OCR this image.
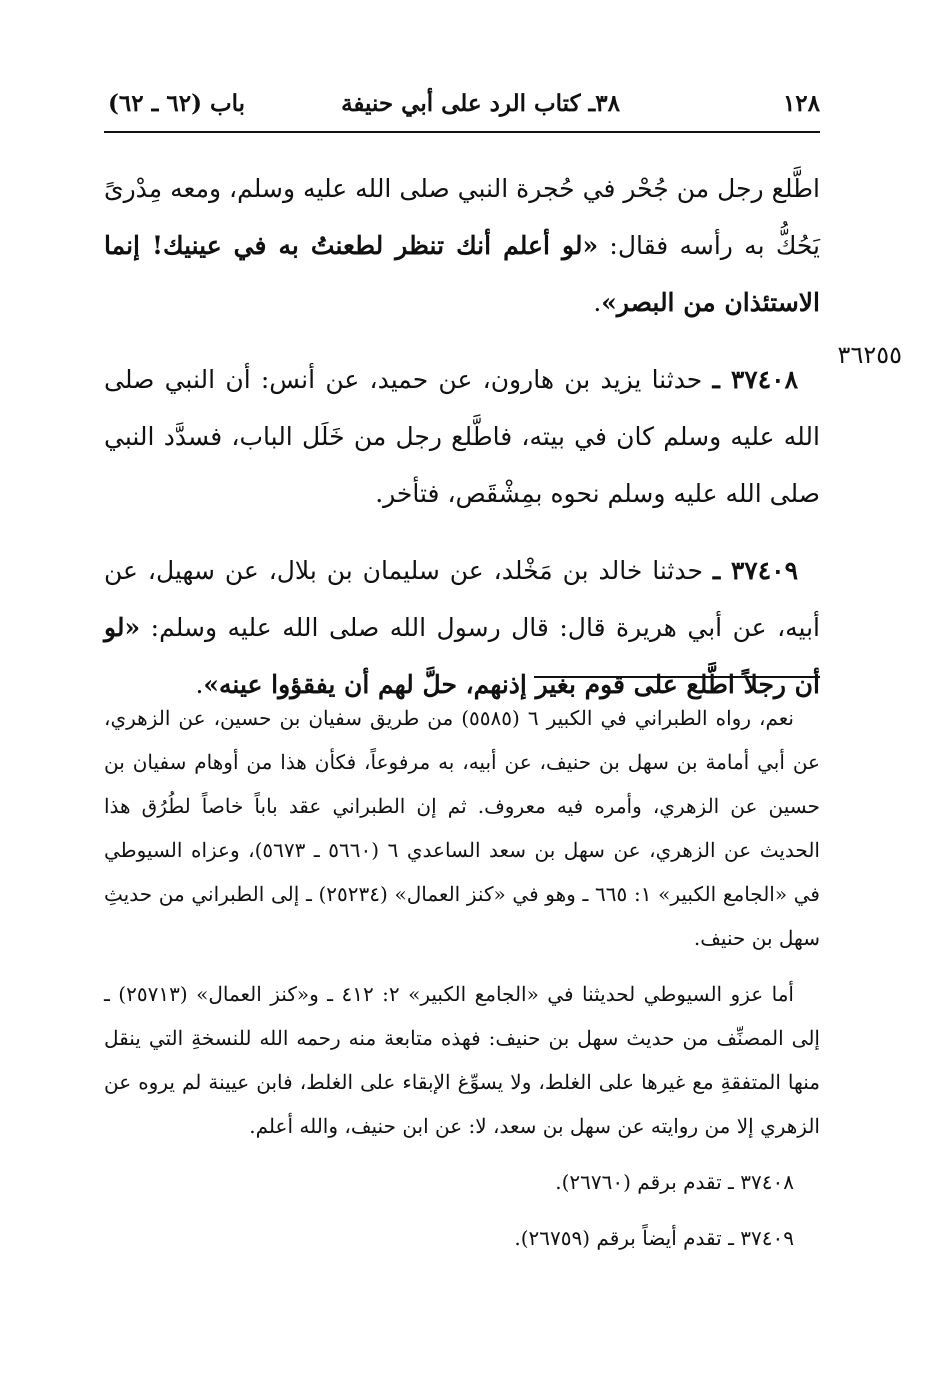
١٢٨
٣٨ـ كتاب الرد على أبي حنيفة
باب (٦٢ ـ ٦٢)

اطَّلع رجل من جُحْر في حُجرة النبي صلى الله عليه وسلم، ومعه مِدْرىً يَحُكُّ به رأسه فقال: «لو أعلم أنك تنظر لطعنتُ به في عينيك! إنما الاستئذان من البصر».

٣٧٤٠٨ ـ حدثنا يزيد بن هارون، عن حميد، عن أنس: أن النبي صلى الله عليه وسلم كان في بيته، فاطَّلع رجل من خَلَل الباب، فسدَّد النبي صلى الله عليه وسلم نحوه بمِشْقَص، فتأخر.

٣٧٤٠٩ ـ حدثنا خالد بن مَخْلد، عن سليمان بن بلال، عن سهيل، عن أبيه، عن أبي هريرة قال: قال رسول الله صلى الله عليه وسلم: «لو أن رجلاً اطَّلع على قوم بغير إذنهم، حلَّ لهم أن يفقؤوا عينه».

٣٦٢٥٥

نعم، رواه الطبراني في الكبير ٦ (٥٥٨٥) من طريق سفيان بن حسين، عن الزهري، عن أبي أمامة بن سهل بن حنيف، عن أبيه، به مرفوعاً، فكأن هذا من أوهام سفيان بن حسين عن الزهري، وأمره فيه معروف. ثم إن الطبراني عقد باباً خاصاً لطُرُق هذا الحديث عن الزهري، عن سهل بن سعد الساعدي ٦ (٥٦٦٠ ـ ٥٦٧٣)، وعزاه السيوطي في «الجامع الكبير» ١: ٦٦٥ ـ وهو في «كنز العمال» (٢٥٢٣٤) ـ إلى الطبراني من حديثِ سهل بن حنيف.

أما عزو السيوطي لحديثنا في «الجامع الكبير» ٢: ٤١٢ ـ و«كنز العمال» (٢٥٧١٣) ـ إلى المصنِّف من حديث سهل بن حنيف: فهذه متابعة منه رحمه الله للنسخةِ التي ينقل منها المتفقةِ مع غيرها على الغلط، ولا يسوِّغ الإبقاء على الغلط، فابن عيينة لم يروه عن الزهري إلا من روايته عن سهل بن سعد، لا: عن ابن حنيف، والله أعلم.

٣٧٤٠٨ ـ تقدم برقم (٢٦٧٦٠).

٣٧٤٠٩ ـ تقدم أيضاً برقم (٢٦٧٥٩).
